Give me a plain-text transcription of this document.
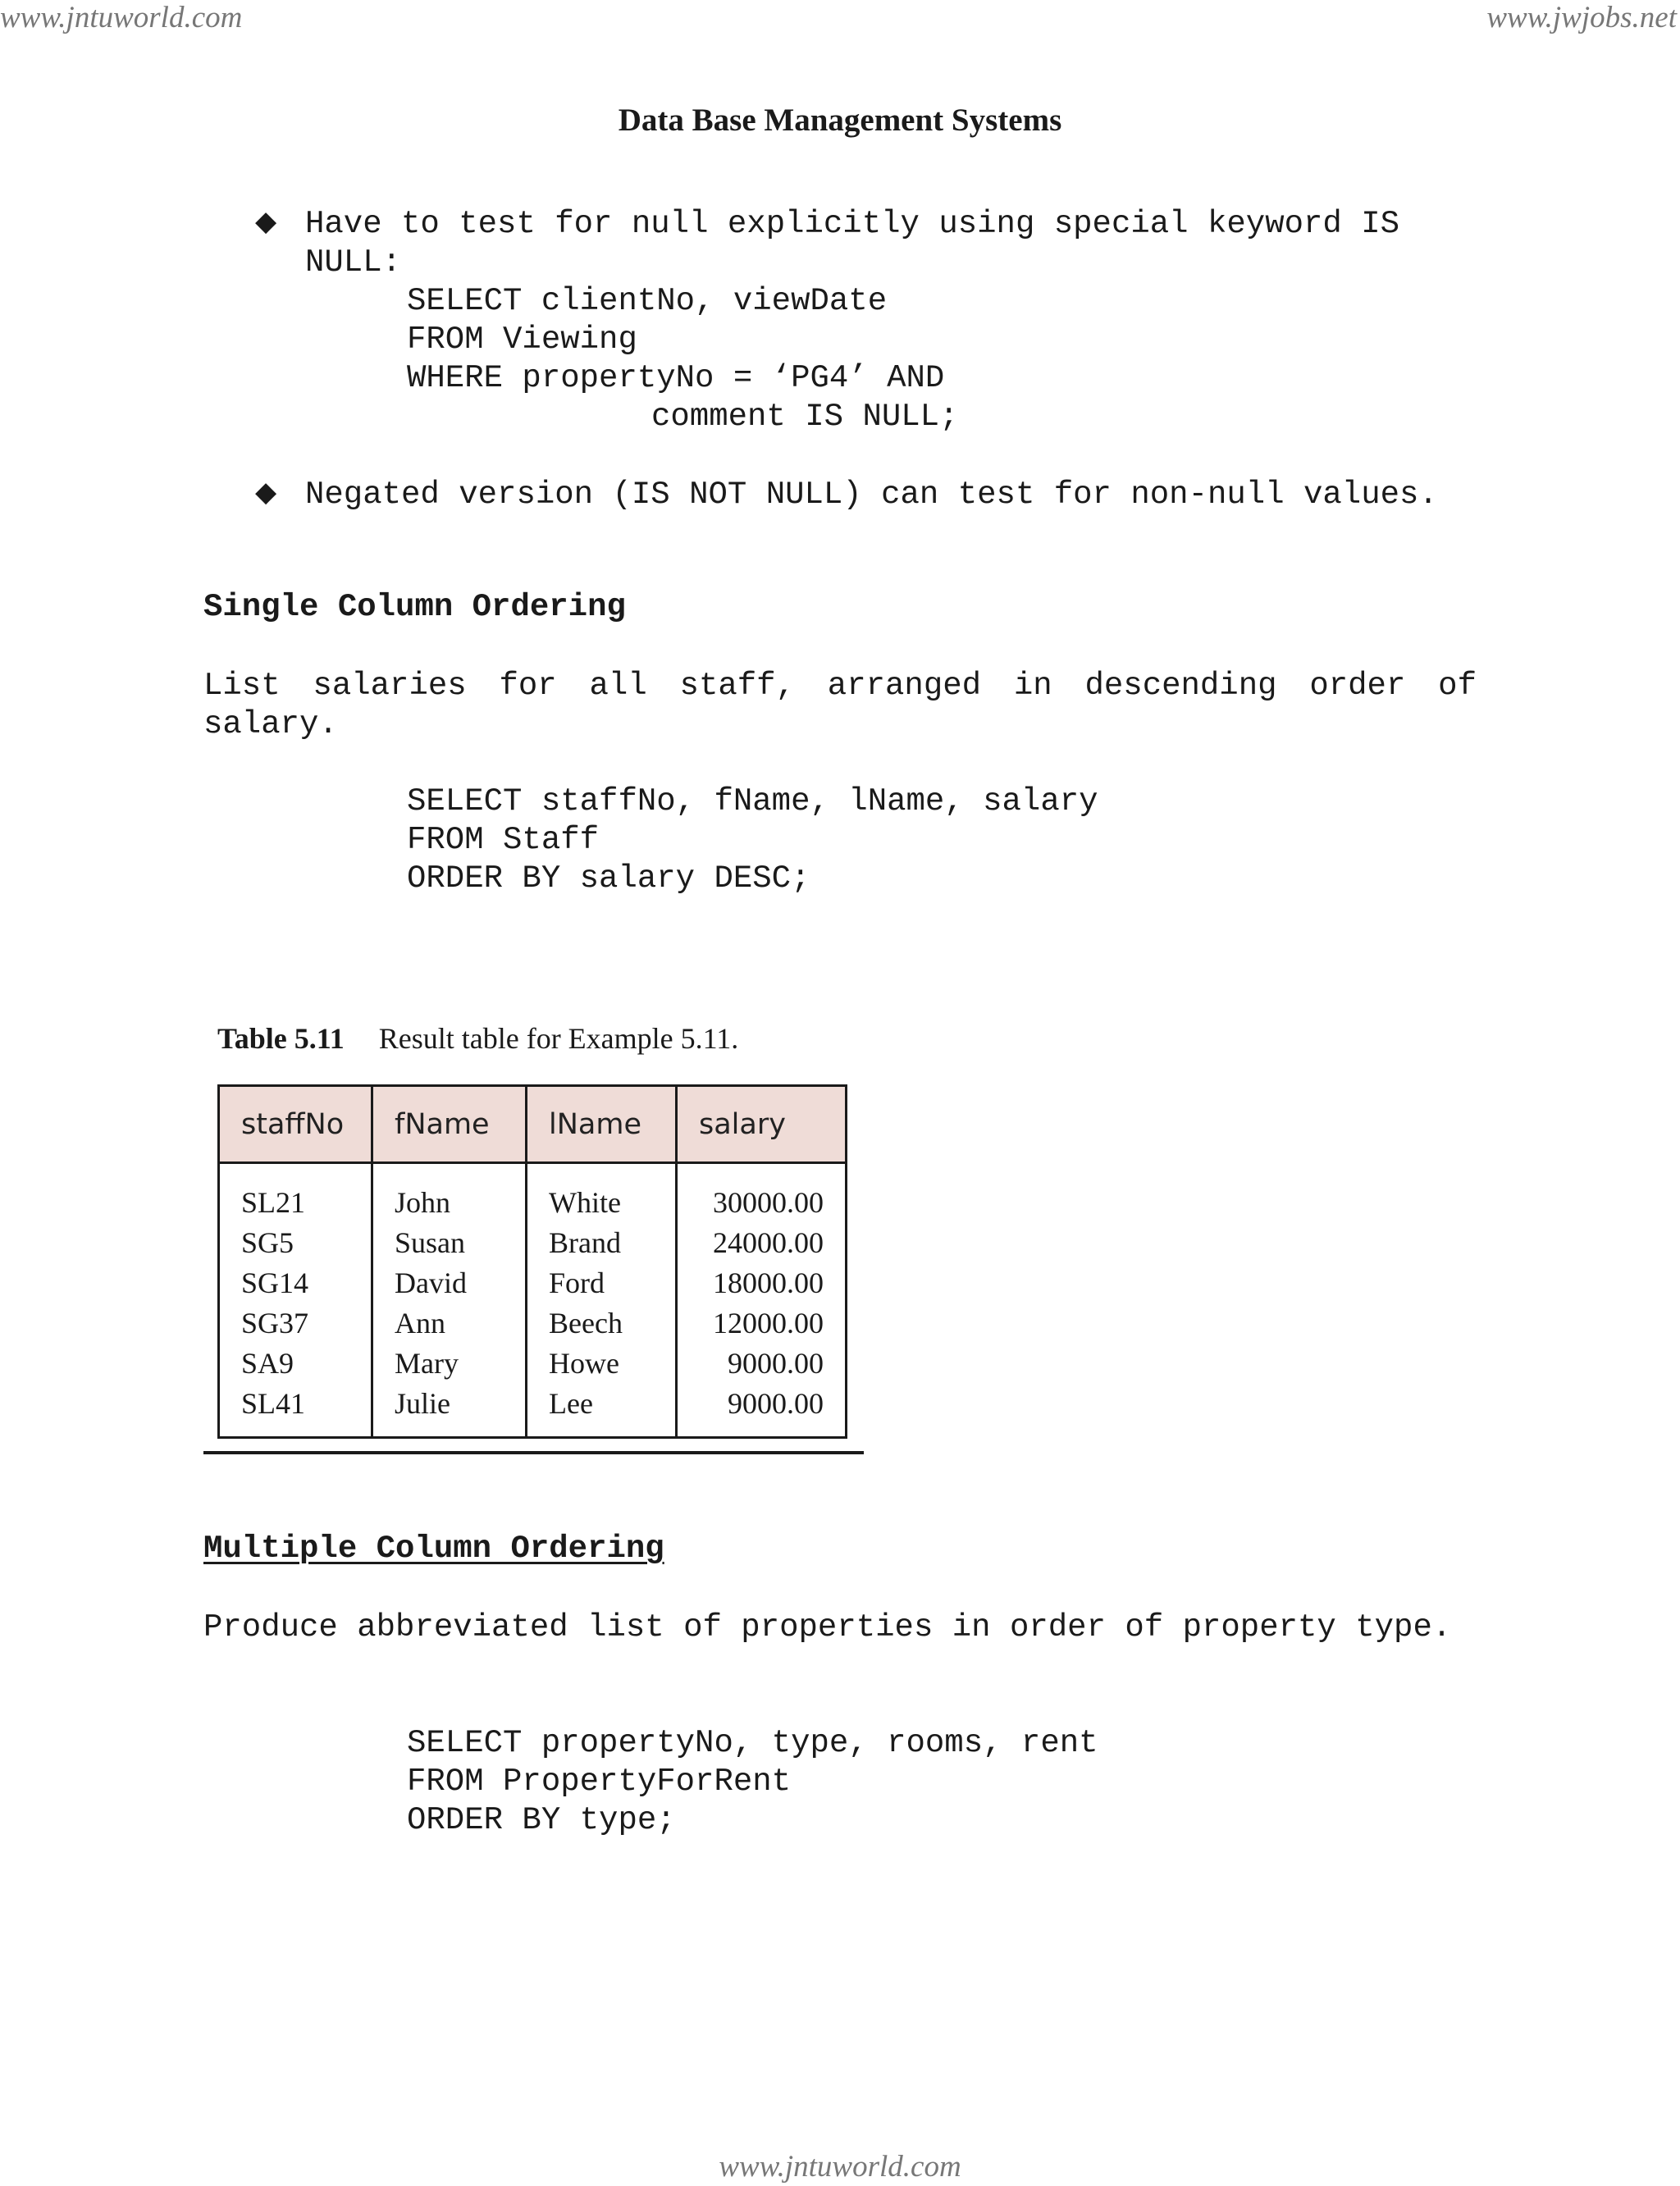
www.jntuworld.com	www.jwjobs.net
Data Base Management Systems
◆ Have to test for null explicitly using special keyword IS
NULL:
SELECT clientNo, viewDate
FROM Viewing
WHERE propertyNo = ‘PG4’ AND
comment IS NULL;
◆ Negated version (IS NOT NULL) can test for non-null values.
Single Column Ordering
List salaries for all staff, arranged in descending order of salary.
SELECT staffNo, fName, lName, salary
FROM Staff
ORDER BY salary DESC;
Table 5.11 Result table for Example 5.11.
staffNo	fName	lName	salary
SL21	John	White	30000.00
SG5	Susan	Brand	24000.00
SG14	David	Ford	18000.00
SG37	Ann	Beech	12000.00
SA9	Mary	Howe	9000.00
SL41	Julie	Lee	9000.00
Multiple Column Ordering
Produce abbreviated list of properties in order of property type.
SELECT propertyNo, type, rooms, rent
FROM PropertyForRent
ORDER BY type;
www.jntuworld.com
